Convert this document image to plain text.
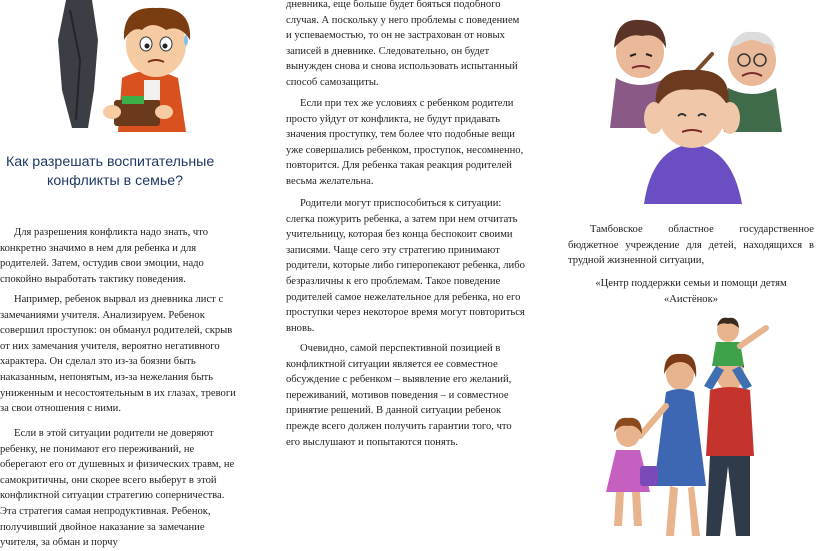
Как разрешать воспитательные
конфликты в семье?

Для разрешения конфликта надо знать, что конкретно значимо в нем для ребенка и для родителей. Затем, остудив свои эмоции, надо спокойно выработать тактику поведения.

Например, ребенок вырвал из дневника лист с замечаниями учителя. Анализируем. Ребенок совершил проступок: он обманул родителей, скрыв от них замечания учителя, вероятно негативного характера. Он сделал это из-за боязни быть наказанным, непонятым, из-за нежелания быть униженным и несостоятельным в их глазах, тревоги за свои отношения с ними.

Если в этой ситуации родители не доверяют ребенку, не понимают его переживаний, не оберегают его от душевных и физических травм, не самокритичны, они скорее всего выберут в этой конфликтной ситуации стратегию соперничества. Эта стратегия самая непродуктивная. Ребенок, получивший двойное наказание за замечание учителя, за обман и порчу

дневника, еще больше будет бояться подобного случая. А поскольку у него проблемы с поведением и успеваемостью, то он не застрахован от новых записей в дневнике. Следовательно, он будет вынужден снова и снова использовать испытанный способ самозащиты.

Если при тех же условиях с ребенком родители просто уйдут от конфликта, не будут придавать значения проступку, тем более что подобные вещи уже совершались ребенком, проступок, несомненно, повторится. Для ребенка такая реакция родителей весьма желательна.

Родители могут приспособиться к ситуации: слегка пожурить ребенка, а затем при нем отчитать учительницу, которая без конца беспокоит своими записями. Чаще сего эту стратегию принимают родители, которые либо гиперопекают ребенка, либо безразличны к его проблемам. Такое поведение родителей самое нежелательное для ребенка, но его проступки через некоторое время могут повториться вновь.

Очевидно, самой перспективной позицией в конфликтной ситуации является ее совместное обсуждение с ребенком – выявление его желаний, переживаний, мотивов поведения – и совместное принятие решений. В данной ситуации ребенок прежде всего должен получить гарантии того, что его выслушают и попытаются понять.

Тамбовское областное государственное бюджетное учреждение для детей, находящихся в трудной жизненной ситуации,

«Центр поддержки семьи и помощи детям

«Аистёнок»
